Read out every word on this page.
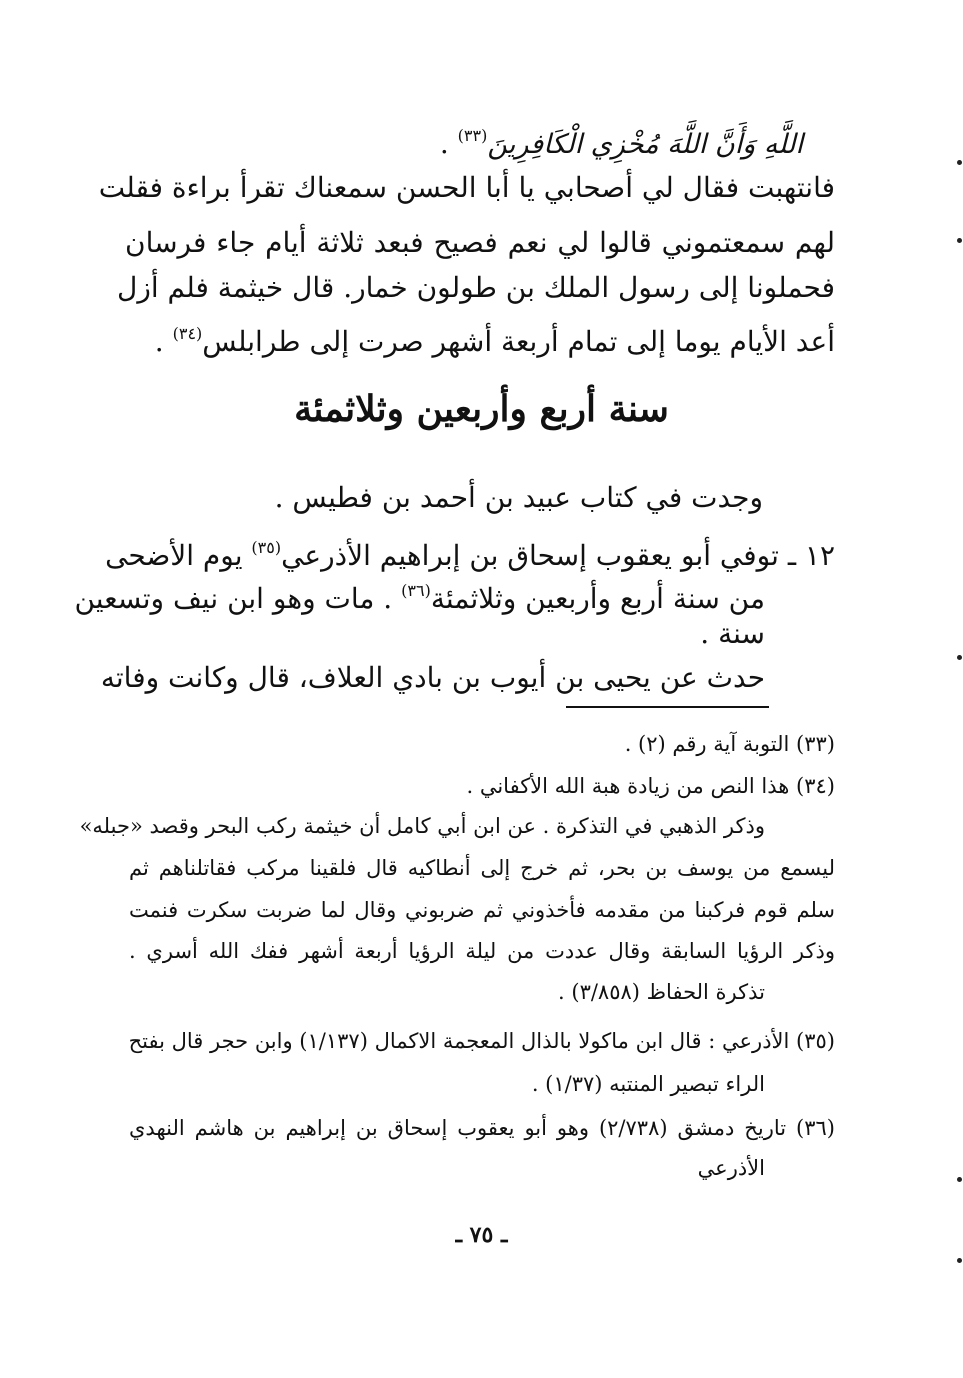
اللَّهِ وَأَنَّ اللَّهَ مُخْزِي الْكَافِرِينَ$^{(٣٣)}$ .
فانتهبت فقال لي أصحابي يا أبا الحسن سمعناك تقرأ براءة فقلت
لهم سمعتموني قالوا لي نعم فصيح فبعد ثلاثة أيام جاء فرسان
فحملونا إلى رسول الملك بن طولون خمار. قال خيثمة فلم أزل
أعد الأيام يوما إلى تمام أربعة أشهر صرت إلى طرابلس$^{(٣٤)}$ .
سنة أربع وأربعين وثلاثمئة
وجدت في كتاب عبيد بن أحمد بن فطيس .
١٢ ـ توفي أبو يعقوب إسحاق بن إبراهيم الأذرعي$^{(٣٥)}$ يوم الأضحى
من سنة أربع وأربعين وثلاثمئة$^{(٣٦)}$ . مات وهو ابن نيف وتسعين
سنة .
حدث عن يحيى بن أيوب بن بادي العلاف، قال وكانت وفاته
(٣٣) التوبة آية رقم (٢) .
(٣٤) هذا النص من زيادة هبة الله الأكفاني .
وذكر الذهبي في التذكرة . عن ابن أبي كامل أن خيثمة ركب البحر وقصد «جبله»
ليسمع من يوسف بن بحر، ثم خرج إلى أنطاكيه قال فلقينا مركب فقاتلناهم ثم
سلم قوم فركبنا من مقدمه فأخذوني ثم ضربوني وقال لما ضربت سكرت فنمت
وذكر الرؤيا السابقة وقال عددت من ليلة الرؤيا أربعة أشهر ففك الله أسري .
تذكرة الحفاظ (٣/٨٥٨) .
(٣٥) الأذرعي : قال ابن ماكولا بالذال المعجمة الاكمال (١/١٣٧) وابن حجر قال بفتح
الراء تبصير المنتبه (١/٣٧) .
(٣٦) تاريخ دمشق (٢/٧٣٨) وهو أبو يعقوب إسحاق بن إبراهيم بن هاشم النهدي
الأذرعي
ـ ٧٥ ـ
